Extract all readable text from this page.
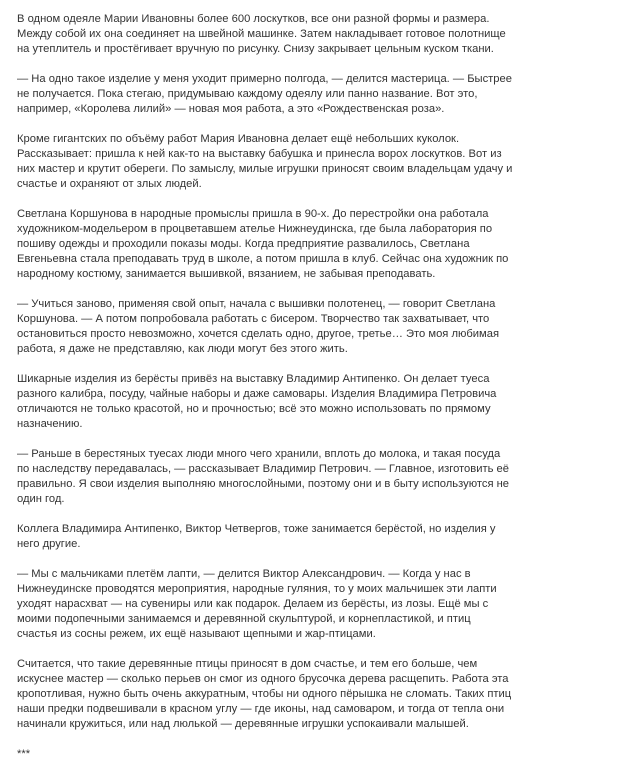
В одном одеяле Марии Ивановны более 600 лоскутков, все они разной формы и размера. Между собой их она соединяет на швейной машинке. Затем накладывает готовое полотнище на утеплитель и простёгивает вручную по рисунку. Снизу закрывает цельным куском ткани.

— На одно такое изделие у меня уходит примерно полгода, — делится мастерица. — Быстрее не получается. Пока стегаю, придумываю каждому одеялу или панно название. Вот это, например, «Королева лилий» — новая моя работа, а это «Рождественская роза».

Кроме гигантских по объёму работ Мария Ивановна делает ещё небольших куколок. Рассказывает: пришла к ней как-то на выставку бабушка и принесла ворох лоскутков. Вот из них мастер и крутит обереги. По замыслу, милые игрушки приносят своим владельцам удачу и счастье и охраняют от злых людей.

Светлана Коршунова в народные промыслы пришла в 90-х. До перестройки она работала художником-модельером в процветавшем ателье Нижнеудинска, где была лаборатория по пошиву одежды и проходили показы моды. Когда предприятие развалилось, Светлана Евгеньевна стала преподавать труд в школе, а потом пришла в клуб. Сейчас она художник по народному костюму, занимается вышивкой, вязанием, не забывая преподавать.

— Учиться заново, применяя свой опыт, начала с вышивки полотенец, — говорит Светлана Коршунова. — А потом попробовала работать с бисером. Творчество так захватывает, что остановиться просто невозможно, хочется сделать одно, другое, третье… Это моя любимая работа, я даже не представляю, как люди могут без этого жить.

Шикарные изделия из берёсты привёз на выставку Владимир Антипенко. Он делает туеса разного калибра, посуду, чайные наборы и даже самовары. Изделия Владимира Петровича отличаются не только красотой, но и прочностью; всё это можно использовать по прямому назначению.

— Раньше в берестяных туесах люди много чего хранили, вплоть до молока, и такая посуда по наследству передавалась, — рассказывает Владимир Петрович. — Главное, изготовить её правильно. Я свои изделия выполняю многослойными, поэтому они и в быту используются не один год.

Коллега Владимира Антипенко, Виктор Четвергов, тоже занимается берёстой, но изделия у него другие.

— Мы с мальчиками плетём лапти, — делится Виктор Александрович. — Когда у нас в Нижнеудинске проводятся мероприятия, народные гуляния, то у моих мальчишек эти лапти уходят нарасхват — на сувениры или как подарок. Делаем из берёсты, из лозы. Ещё мы с моими подопечными занимаемся и деревянной скульптурой, и корнепластикой, и птиц счастья из сосны режем, их ещё называют щепными и жар-птицами.

Считается, что такие деревянные птицы приносят в дом счастье, и тем его больше, чем искуснее мастер — сколько перьев он смог из одного брусочка дерева расщепить. Работа эта кропотливая, нужно быть очень аккуратным, чтобы ни одного пёрышка не сломать. Таких птиц наши предки подвешивали в красном углу — где иконы, над самоваром, и тогда от тепла они начинали кружиться, или над люлькой — деревянные игрушки успокаивали малышей.

***
